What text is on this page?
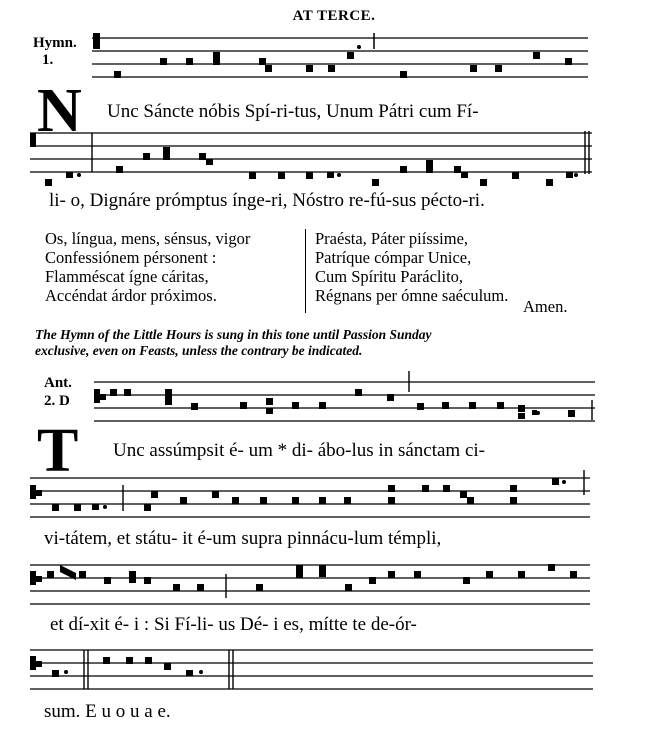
AT TERCE.
Hymn.
1.
N Unc Sáncte nóbis Spí-ri-tus, Unum Pátri cum Fí-
li- o, Dignáre prómptus ínge-ri, Nóstro re-fú-sus pécto-ri.
Os, língua, mens, sénsus, vigor
Confessiónem pérsonent :
Flamméscat ígne cáritas,
Accéndat árdor próximos.
Praésta, Páter piíssime,
Patríque cómpar Unice,
Cum Spíritu Paráclito,
Régnans per ómne saéculum.
Amen.
The Hymn of the Little Hours is sung in this tone until Passion Sunday
exclusive, even on Feasts, unless the contrary be indicated.
Ant.
2. D
T Unc assúmpsit é- um * di- ábo-lus in sánctam ci-
vi-tátem, et státu- it é-um supra pinnácu-lum témpli,
et dí-xit é- i : Si Fí-li- us Dé- i es, mítte te de-ór-
sum. E u o u a e.
